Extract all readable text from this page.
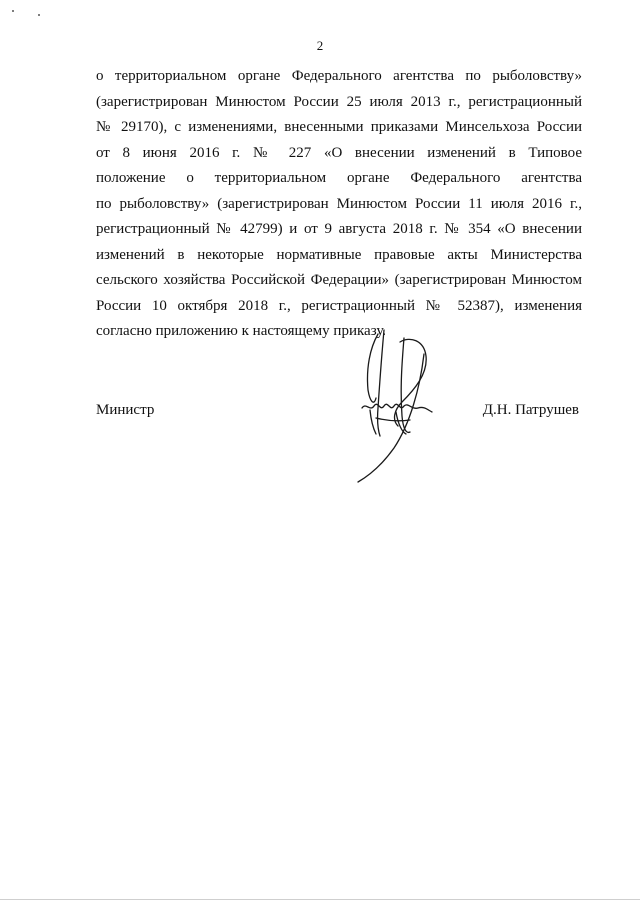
2
о территориальном органе Федерального агентства по рыболовству»
(зарегистрирован Минюстом России 25 июля 2013 г., регистрационный
№ 29170), с изменениями, внесенными приказами Минсельхоза России
от 8 июня 2016 г. № 227 «О внесении изменений в Типовое
положение о территориальном органе Федерального агентства
по рыболовству» (зарегистрирован Минюстом России 11 июля 2016 г.,
регистрационный № 42799) и от 9 августа 2018 г. № 354 «О внесении
изменений в некоторые нормативные правовые акты Министерства
сельского хозяйства Российской Федерации» (зарегистрирован Минюстом
России 10 октября 2018 г., регистрационный № 52387), изменения
согласно приложению к настоящему приказу.
Министр	Д.Н. Патрушев
